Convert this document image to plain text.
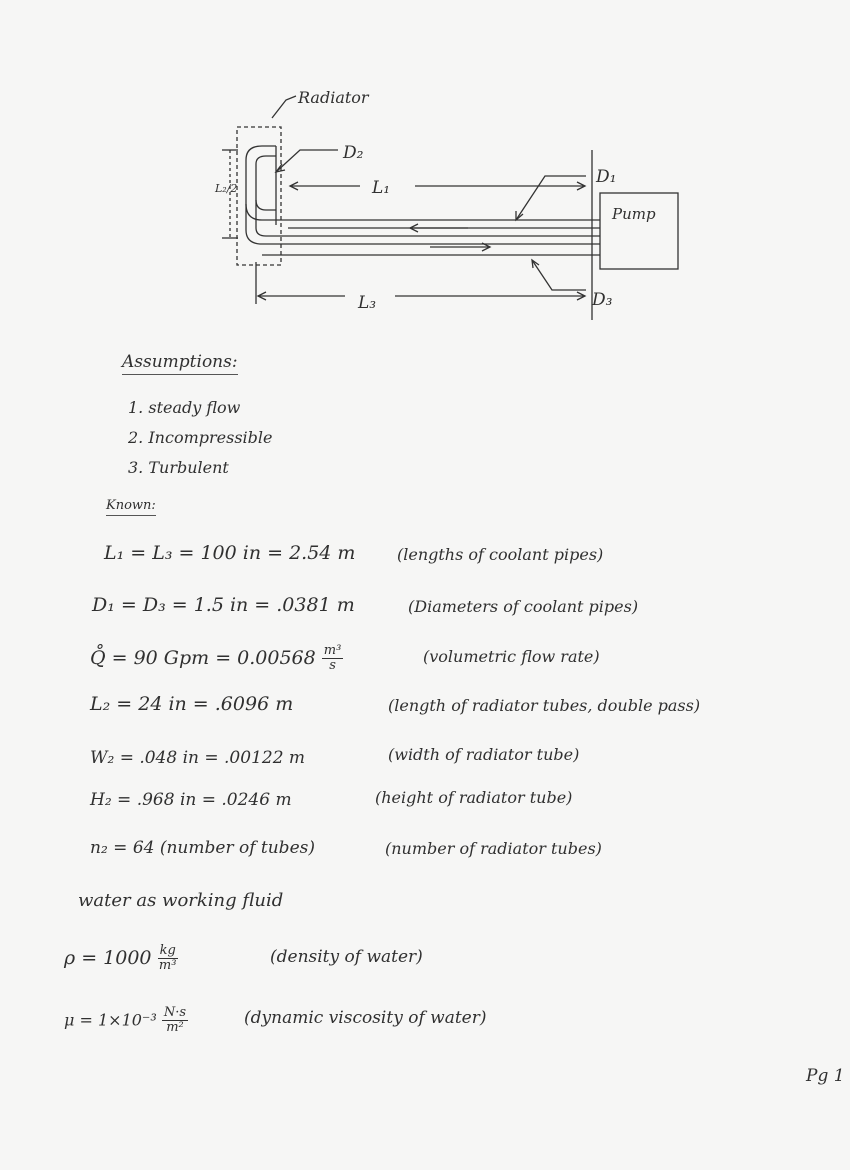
Radiator
D₂
D₁
L₁
L₂/2
Pump
D₃
L₃
Assumptions:
1. steady flow
2. Incompressible
3. Turbulent
Known:
L₁ = L₃ = 100 in = 2.54 m	(lengths of coolant pipes)
D₁ = D₃ = 1.5 in = .0381 m	(Diameters of coolant pipes)
Q̊ = 90 Gpm = $0.00568 \frac{\text{m³}}{s}$	(volumetric flow rate)
L₂ = 24 in = .6096 m	(length of radiator tubes, double pass)
W₂ = .048 in = .00122 m	(width of radiator tube)
H₂ = .968 in = .0246 m	(height of radiator tube)
n₂ = 64 (number of tubes)	(number of radiator tubes)
water as working fluid
$\rho = 1000 \frac{kg}{\text{m³}}$	(density of water)
$\mu = 1\times 10^{-3} \frac{N\cdot s}{\text{m²}}$	(dynamic viscosity of water)
Pg 1
